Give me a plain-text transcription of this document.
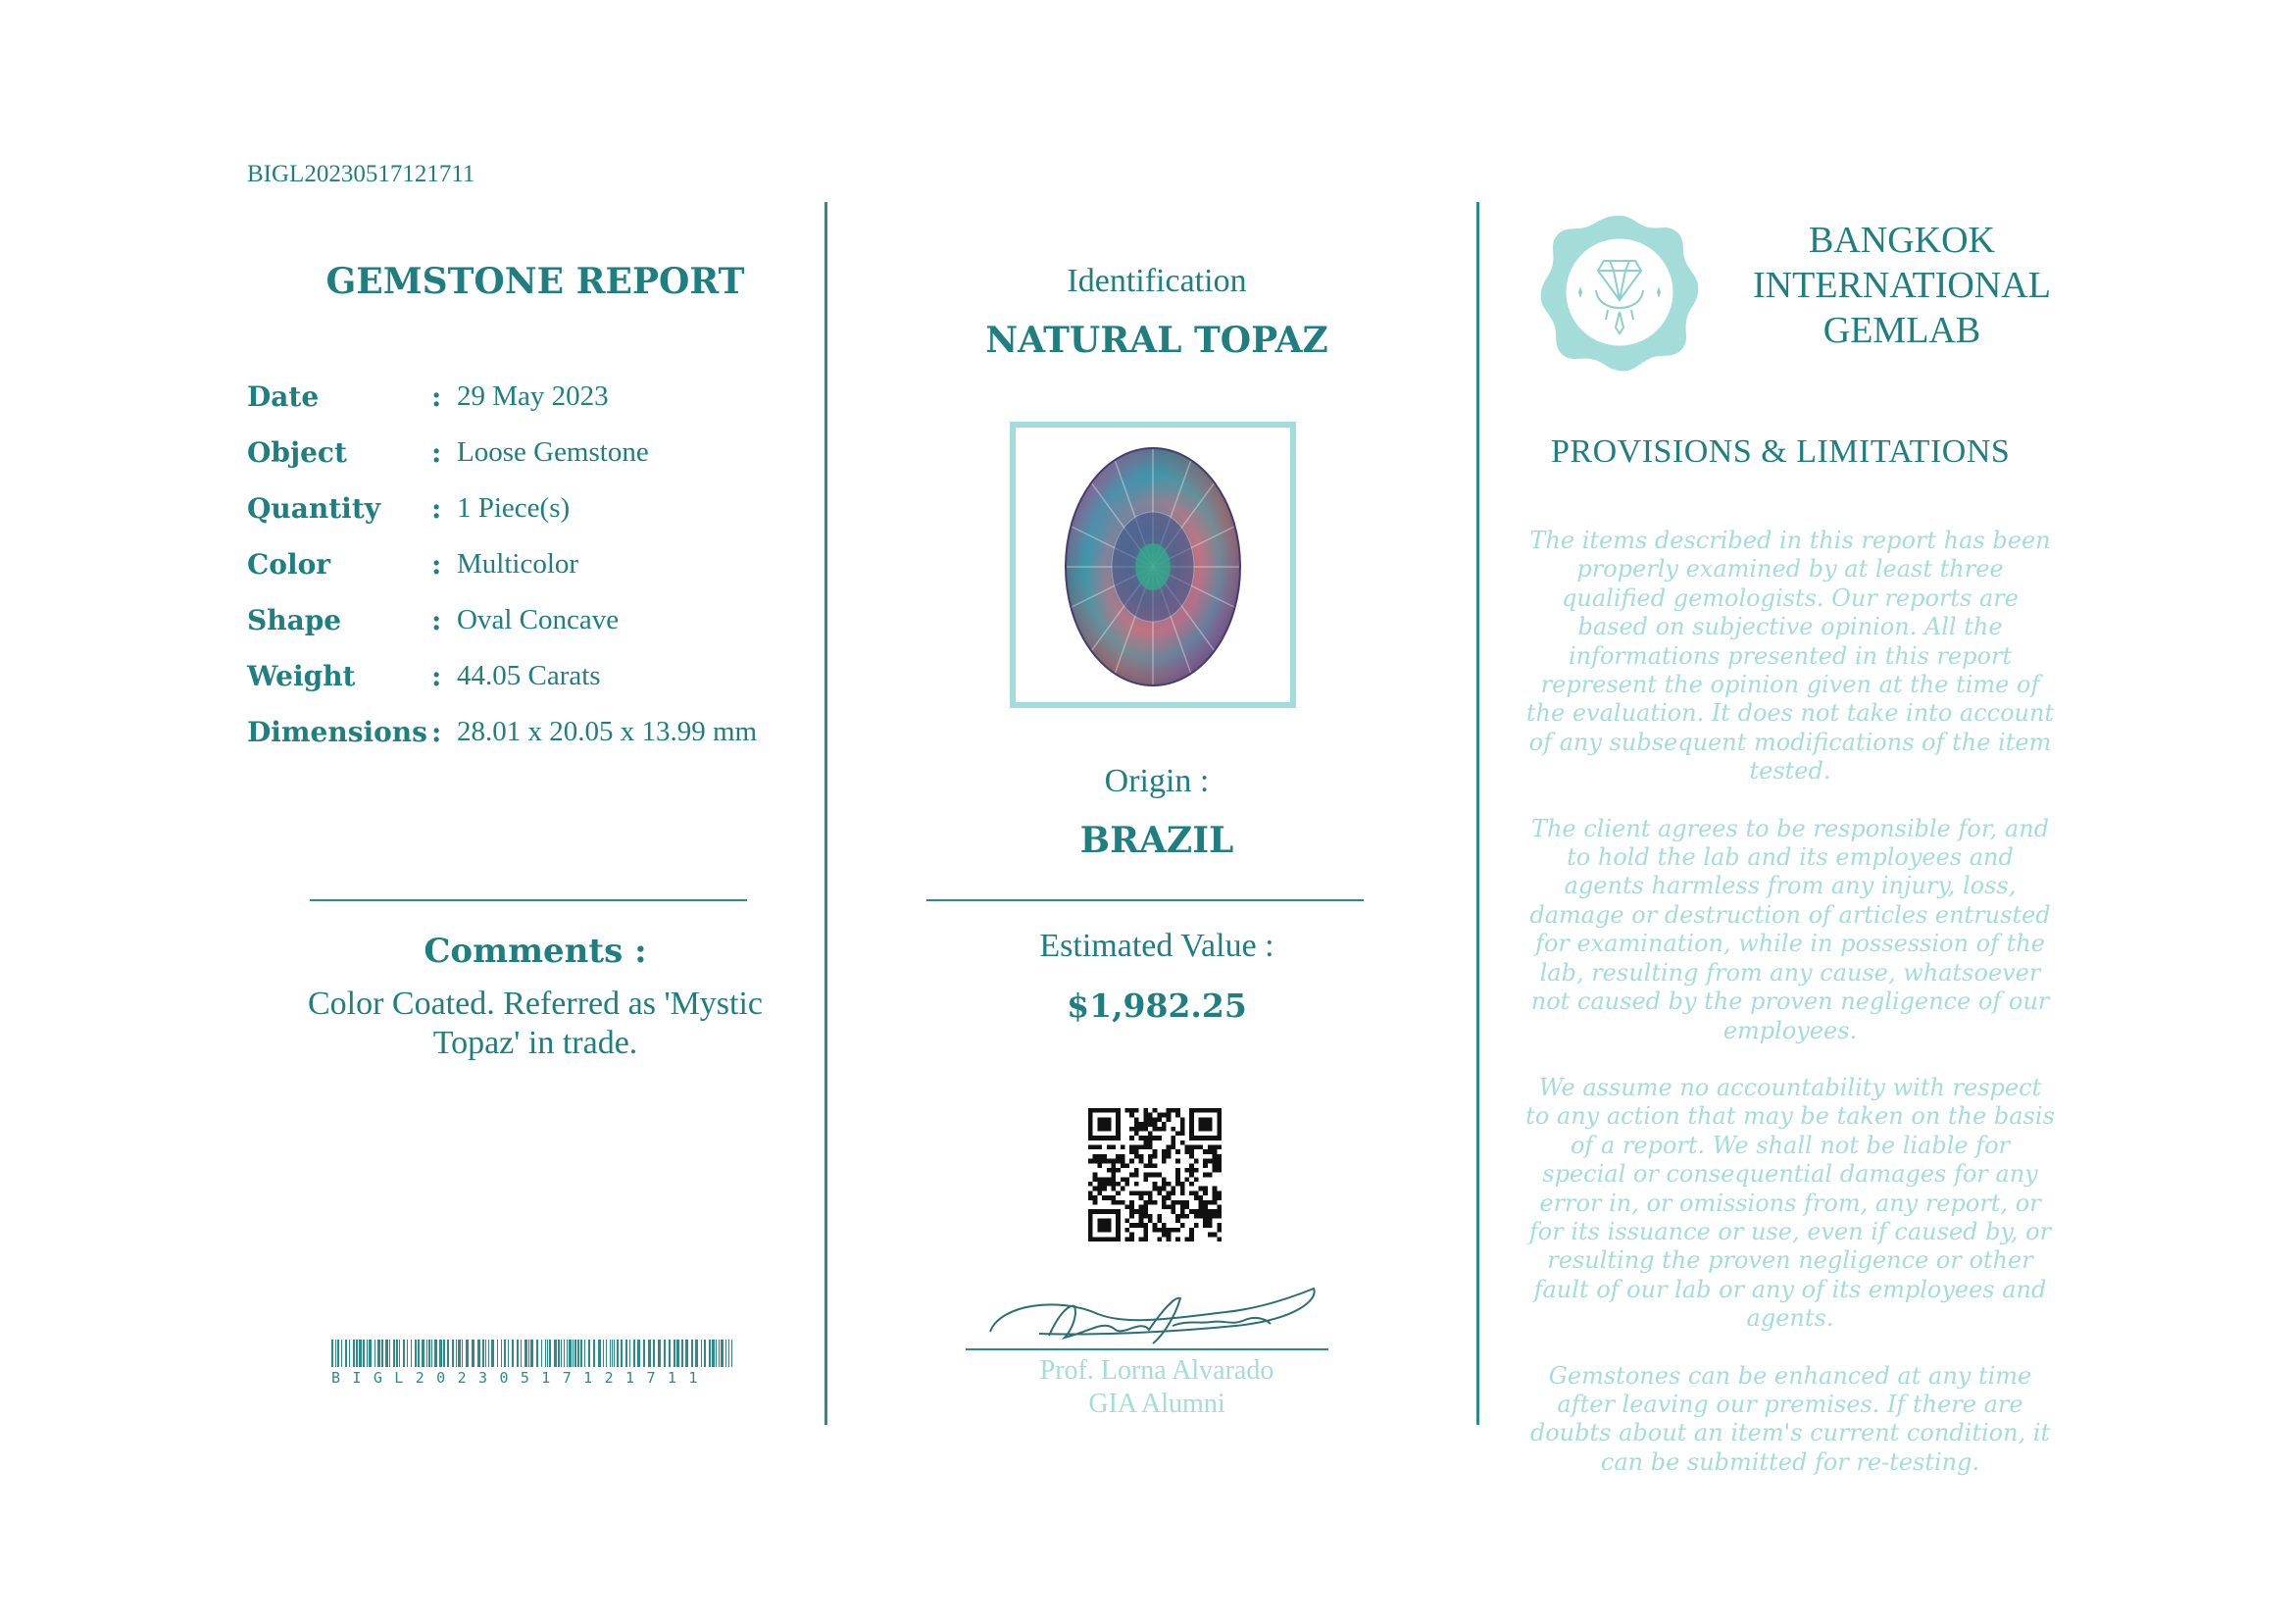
BIGL20230517121711
GEMSTONE REPORT
Date	: 29 May 2023
Object	: Loose Gemstone
Quantity : 1 Piece(s)
Color	: Multicolor
Shape	: Oval Concave
Weight	: 44.05 Carats
Dimensions : 28.01 x 20.05 x 13.99 mm
Comments :
Color Coated. Referred as 'Mystic Topaz' in trade.
BIGL20230517121711
Identification
NATURAL TOPAZ
Origin :
BRAZIL
Estimated Value :
$1,982.25
Prof. Lorna Alvarado
GIA Alumni
BANGKOK INTERNATIONAL GEMLAB
PROVISIONS & LIMITATIONS

The items described in this report has been properly examined by at least three qualified gemologists. Our reports are based on subjective opinion. All the informations presented in this report represent the opinion given at the time of the evaluation. It does not take into account of any subsequent modifications of the item tested.

The client agrees to be responsible for, and to hold the lab and its employees and agents harmless from any injury, loss, damage or destruction of articles entrusted for examination, while in possession of the lab, resulting from any cause, whatsoever not caused by the proven negligence of our employees.

We assume no accountability with respect to any action that may be taken on the basis of a report. We shall not be liable for special or consequential damages for any error in, or omissions from, any report, or for its issuance or use, even if caused by, or resulting the proven negligence or other fault of our lab or any of its employees and agents.

Gemstones can be enhanced at any time after leaving our premises. If there are doubts about an item's current condition, it can be submitted for re-testing.
